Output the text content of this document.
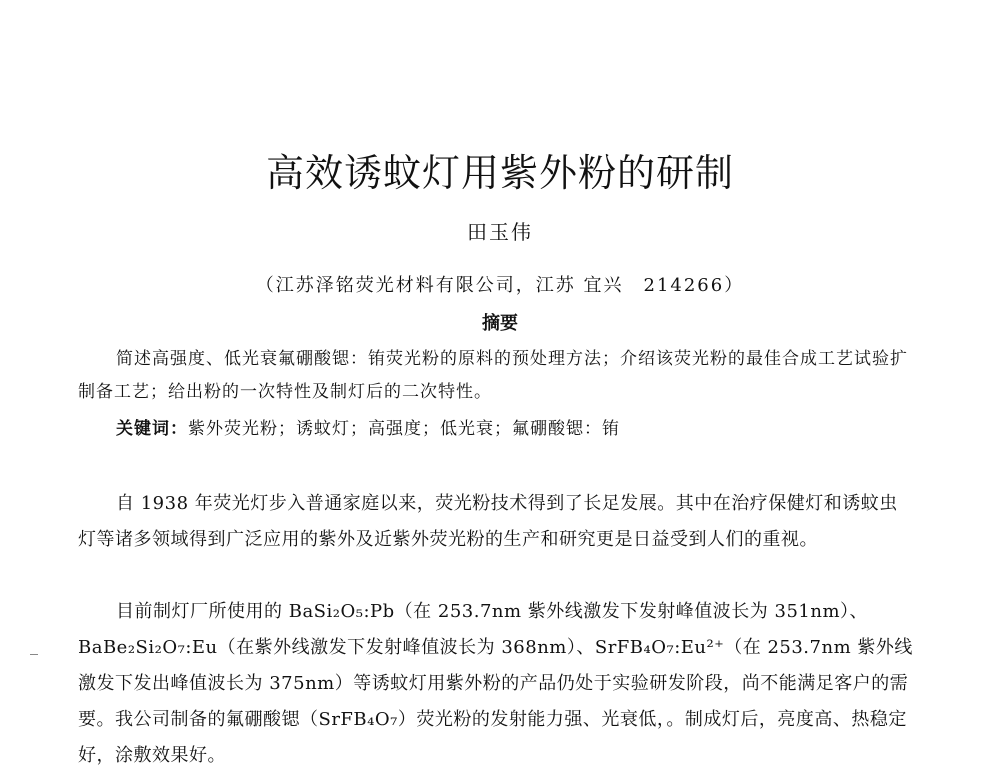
高效诱蚊灯用紫外粉的研制
田玉伟
（江苏泽铭荧光材料有限公司，江苏 宜兴　214266）
摘要

简述高强度、低光衰氟硼酸锶：铕荧光粉的原料的预处理方法；介绍该荧光粉的最佳合成工艺试验扩制备工艺；给出粉的一次特性及制灯后的二次特性。

关键词：紫外荧光粉；诱蚊灯；高强度；低光衰；氟硼酸锶：铕

自 1938 年荧光灯步入普通家庭以来，荧光粉技术得到了长足发展。其中在治疗保健灯和诱蚊虫灯等诸多领域得到广泛应用的紫外及近紫外荧光粉的生产和研究更是日益受到人们的重视。

目前制灯厂所使用的 BaSi₂O₅:Pb（在 253.7nm 紫外线激发下发射峰值波长为 351nm）、BaBe₂Si₂O₇:Eu（在紫外线激发下发射峰值波长为 368nm）、SrFB₄O₇:Eu²⁺（在 253.7nm 紫外线激发下发出峰值波长为 375nm）等诱蚊灯用紫外粉的产品仍处于实验研发阶段，尚不能满足客户的需要。我公司制备的氟硼酸锶（SrFB₄O₇）荧光粉的发射能力强、光衰低，。制成灯后，亮度高、热稳定好，涂敷效果好。
